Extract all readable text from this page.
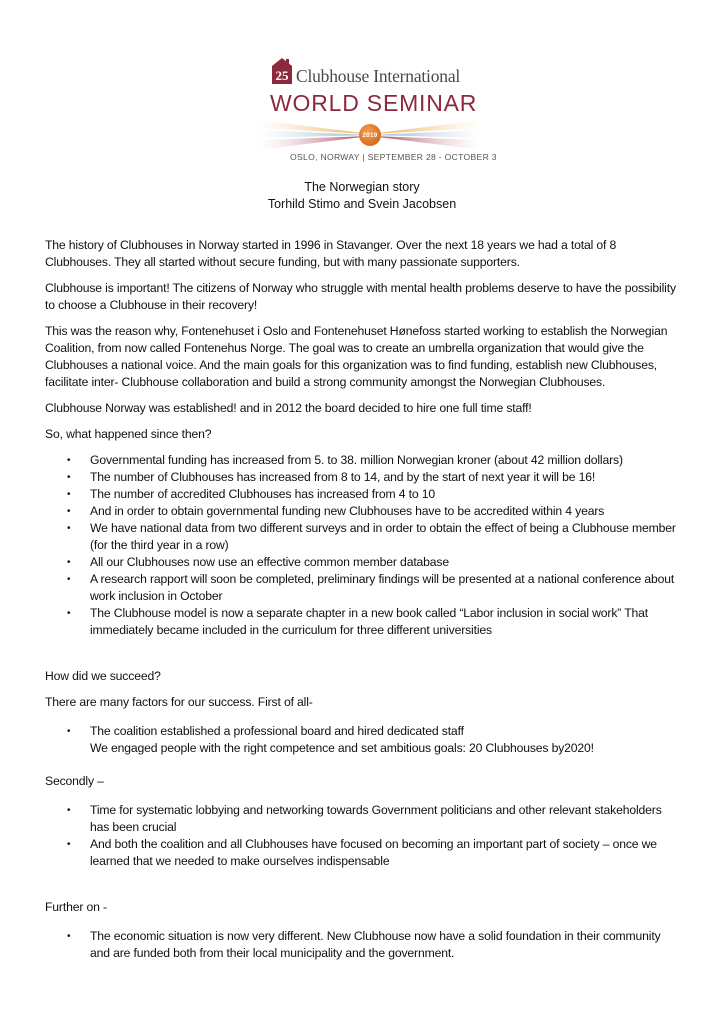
25 Clubhouse International
WORLD SEMINAR
2019
OSLO, NORWAY | SEPTEMBER 28 - OCTOBER 3
The Norwegian story
Torhild Stimo and Svein Jacobsen

The history of Clubhouses in Norway started in 1996 in Stavanger. Over the next 18 years we had a total of 8 Clubhouses. They all started without secure funding, but with many passionate supporters.

Clubhouse is important! The citizens of Norway who struggle with mental health problems deserve to have the possibility to choose a Clubhouse in their recovery!

This was the reason why, Fontenehuset i Oslo and Fontenehuset Hønefoss started working to establish the Norwegian Coalition, from now called Fontenehus Norge. The goal was to create an umbrella organization that would give the Clubhouses a national voice. And the main goals for this organization was to find funding, establish new Clubhouses, facilitate inter- Clubhouse collaboration and build a strong community amongst the Norwegian Clubhouses.

Clubhouse Norway was established! and in 2012 the board decided to hire one full time staff!

So, what happened since then?

• Governmental funding has increased from 5. to 38. million Norwegian kroner (about 42 million dollars)
• The number of Clubhouses has increased from 8 to 14, and by the start of next year it will be 16!
• The number of accredited Clubhouses has increased from 4 to 10
• And in order to obtain governmental funding new Clubhouses have to be accredited within 4 years
• We have national data from two different surveys and in order to obtain the effect of being a Clubhouse member (for the third year in a row)
• All our Clubhouses now use an effective common member database
• A research rapport will soon be completed, preliminary findings will be presented at a national conference about work inclusion in October
• The Clubhouse model is now a separate chapter in a new book called “Labor inclusion in social work” That immediately became included in the curriculum for three different universities

How did we succeed?

There are many factors for our success. First of all-

• The coalition established a professional board and hired dedicated staff
We engaged people with the right competence and set ambitious goals: 20 Clubhouses by2020!

Secondly –

• Time for systematic lobbying and networking towards Government politicians and other relevant stakeholders has been crucial
• And both the coalition and all Clubhouses have focused on becoming an important part of society – once we learned that we needed to make ourselves indispensable

Further on -

• The economic situation is now very different. New Clubhouse now have a solid foundation in their community and are funded both from their local municipality and the government.
